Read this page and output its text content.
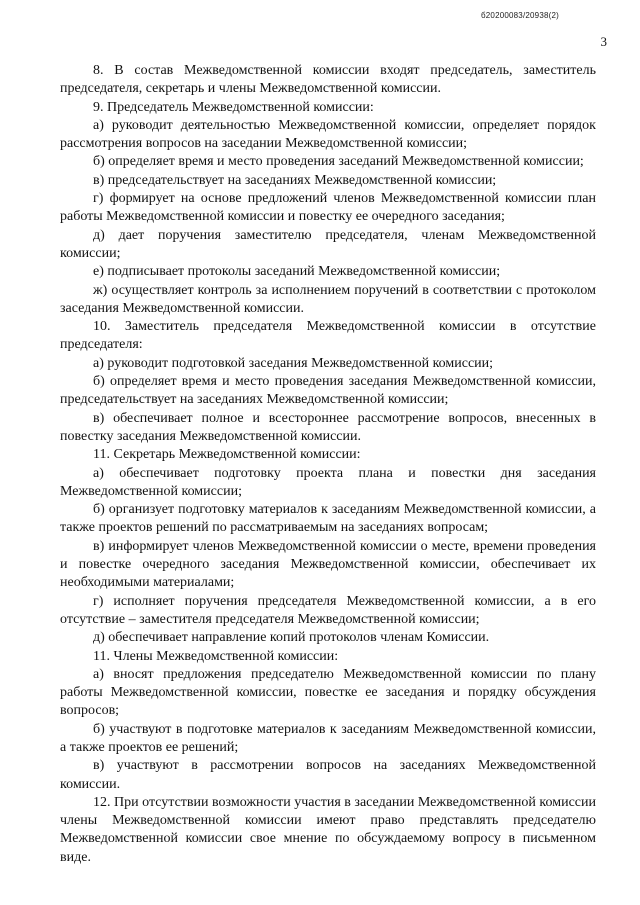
б20200083/20938(2)
3

8. В состав Межведомственной комиссии входят председатель, заместитель председателя, секретарь и члены Межведомственной комиссии.

9. Председатель Межведомственной комиссии:

а) руководит деятельностью Межведомственной комиссии, определяет порядок рассмотрения вопросов на заседании Межведомственной комиссии;

б) определяет время и место проведения заседаний Межведомственной комиссии;

в) председательствует на заседаниях Межведомственной комиссии;

г) формирует на основе предложений членов Межведомственной комиссии план работы Межведомственной комиссии и повестку ее очередного заседания;

д) дает поручения заместителю председателя, членам Межведомственной комиссии;

е) подписывает протоколы заседаний Межведомственной комиссии;

ж) осуществляет контроль за исполнением поручений в соответствии с протоколом заседания Межведомственной комиссии.

10. Заместитель председателя Межведомственной комиссии в отсутствие председателя:

а) руководит подготовкой заседания Межведомственной комиссии;

б) определяет время и место проведения заседания Межведомственной комиссии, председательствует на заседаниях Межведомственной комиссии;

в) обеспечивает полное и всестороннее рассмотрение вопросов, внесенных в повестку заседания Межведомственной комиссии.

11. Секретарь Межведомственной комиссии:

а) обеспечивает подготовку проекта плана и повестки дня заседания Межведомственной комиссии;

б) организует подготовку материалов к заседаниям Межведомственной комиссии, а также проектов решений по рассматриваемым на заседаниях вопросам;

в) информирует членов Межведомственной комиссии о месте, времени проведения и повестке очередного заседания Межведомственной комиссии, обеспечивает их необходимыми материалами;

г) исполняет поручения председателя Межведомственной комиссии, а в его отсутствие – заместителя председателя Межведомственной комиссии;

д) обеспечивает направление копий протоколов членам Комиссии.

11. Члены Межведомственной комиссии:

а) вносят предложения председателю Межведомственной комиссии по плану работы Межведомственной комиссии, повестке ее заседания и порядку обсуждения вопросов;

б) участвуют в подготовке материалов к заседаниям Межведомственной комиссии, а также проектов ее решений;

в) участвуют в рассмотрении вопросов на заседаниях Межведомственной комиссии.

12. При отсутствии возможности участия в заседании Межведомственной комиссии члены Межведомственной комиссии имеют право представлять председателю Межведомственной комиссии свое мнение по обсуждаемому вопросу в письменном виде.
